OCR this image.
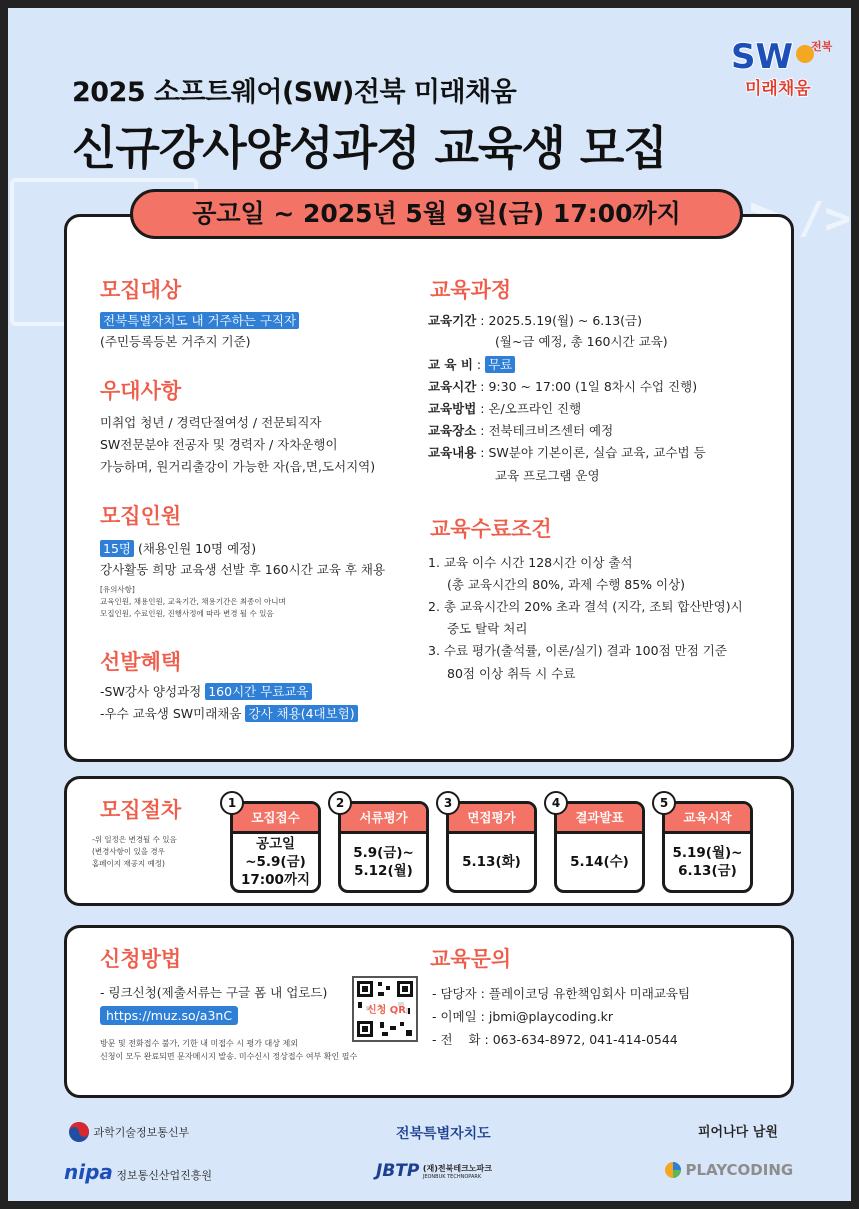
/>
SW 전북
미래채움
2025 소프트웨어(SW)전북 미래채움
신규강사양성과정 교육생 모집
공고일 ~ 2025년 5월 9일(금) 17:00까지
모집대상
전북특별자치도 내 거주하는 구직자
(주민등록등본 거주지 기준)
우대사항
미취업 청년 / 경력단절여성 / 전문퇴직자
SW전문분야 전공자 및 경력자 / 자차운행이
가능하며, 원거리출강이 가능한 자(읍,면,도서지역)
모집인원
15명 (채용인원 10명 예정)
강사활동 희망 교육생 선발 후 160시간 교육 후 채용
[유의사항]
교육인원, 채용인원, 교육기간, 채용기간은 최종이 아니며
모집인원, 수료인원, 진행사정에 따라 변경 될 수 있음
선발혜택
-SW강사 양성과정 160시간 무료교육
-우수 교육생 SW미래채움 강사 채용(4대보험)
교육과정
교육기간 : 2025.5.19(월) ~ 6.13(금)
(월~금 예정, 총 160시간 교육)
교 육 비 : 무료
교육시간 : 9:30 ~ 17:00 (1일 8차시 수업 진행)
교육방법 : 온/오프라인 진행
교육장소 : 전북테크비즈센터 예정
교육내용 : SW분야 기본이론, 실습 교육, 교수법 등
교육 프로그램 운영
교육수료조건
1. 교육 이수 시간 128시간 이상 출석
(총 교육시간의 80%, 과제 수행 85% 이상)
2. 총 교육시간의 20% 초과 결석 (지각, 조퇴 합산반영)시
중도 탈락 처리
3. 수료 평가(출석률, 이론/실기) 결과 100점 만점 기준
80점 이상 취득 시 수료
모집절차
-위 일정은 변경될 수 있음
(변경사항이 있을 경우
홈페이지 재공지 예정)
모집접수
공고일
~5.9(금)
17:00까지
1
서류평가
5.9(금)~
5.12(월)
2
면접평가
5.13(화)
3
결과발표
5.14(수)
4
교육시작
5.19(월)~
6.13(금)
5
신청방법
- 링크신청(제출서류는 구글 폼 내 업로드)
https://muz.so/a3nC	신청 QR
방문 및 전화접수 불가, 기한 내 미접수 시 평가 대상 제외
신청이 모두 완료되면 문자메시지 발송. 미수신시 정상접수 여부 확인 필수
교육문의
- 담당자 : 플레이코딩 유한책임회사 미래교육팀
- 이메일 : jbmi@playcoding.kr
- 전    화 : 063-634-8972, 041-414-0544
과학기술정보통신부	전북특별자치도	피어나다 남원
nipa 정보통신산업진흥원	JBTP (재)전북테크노파크
JEONBUK TECHNOPARK	PLAYCODING
